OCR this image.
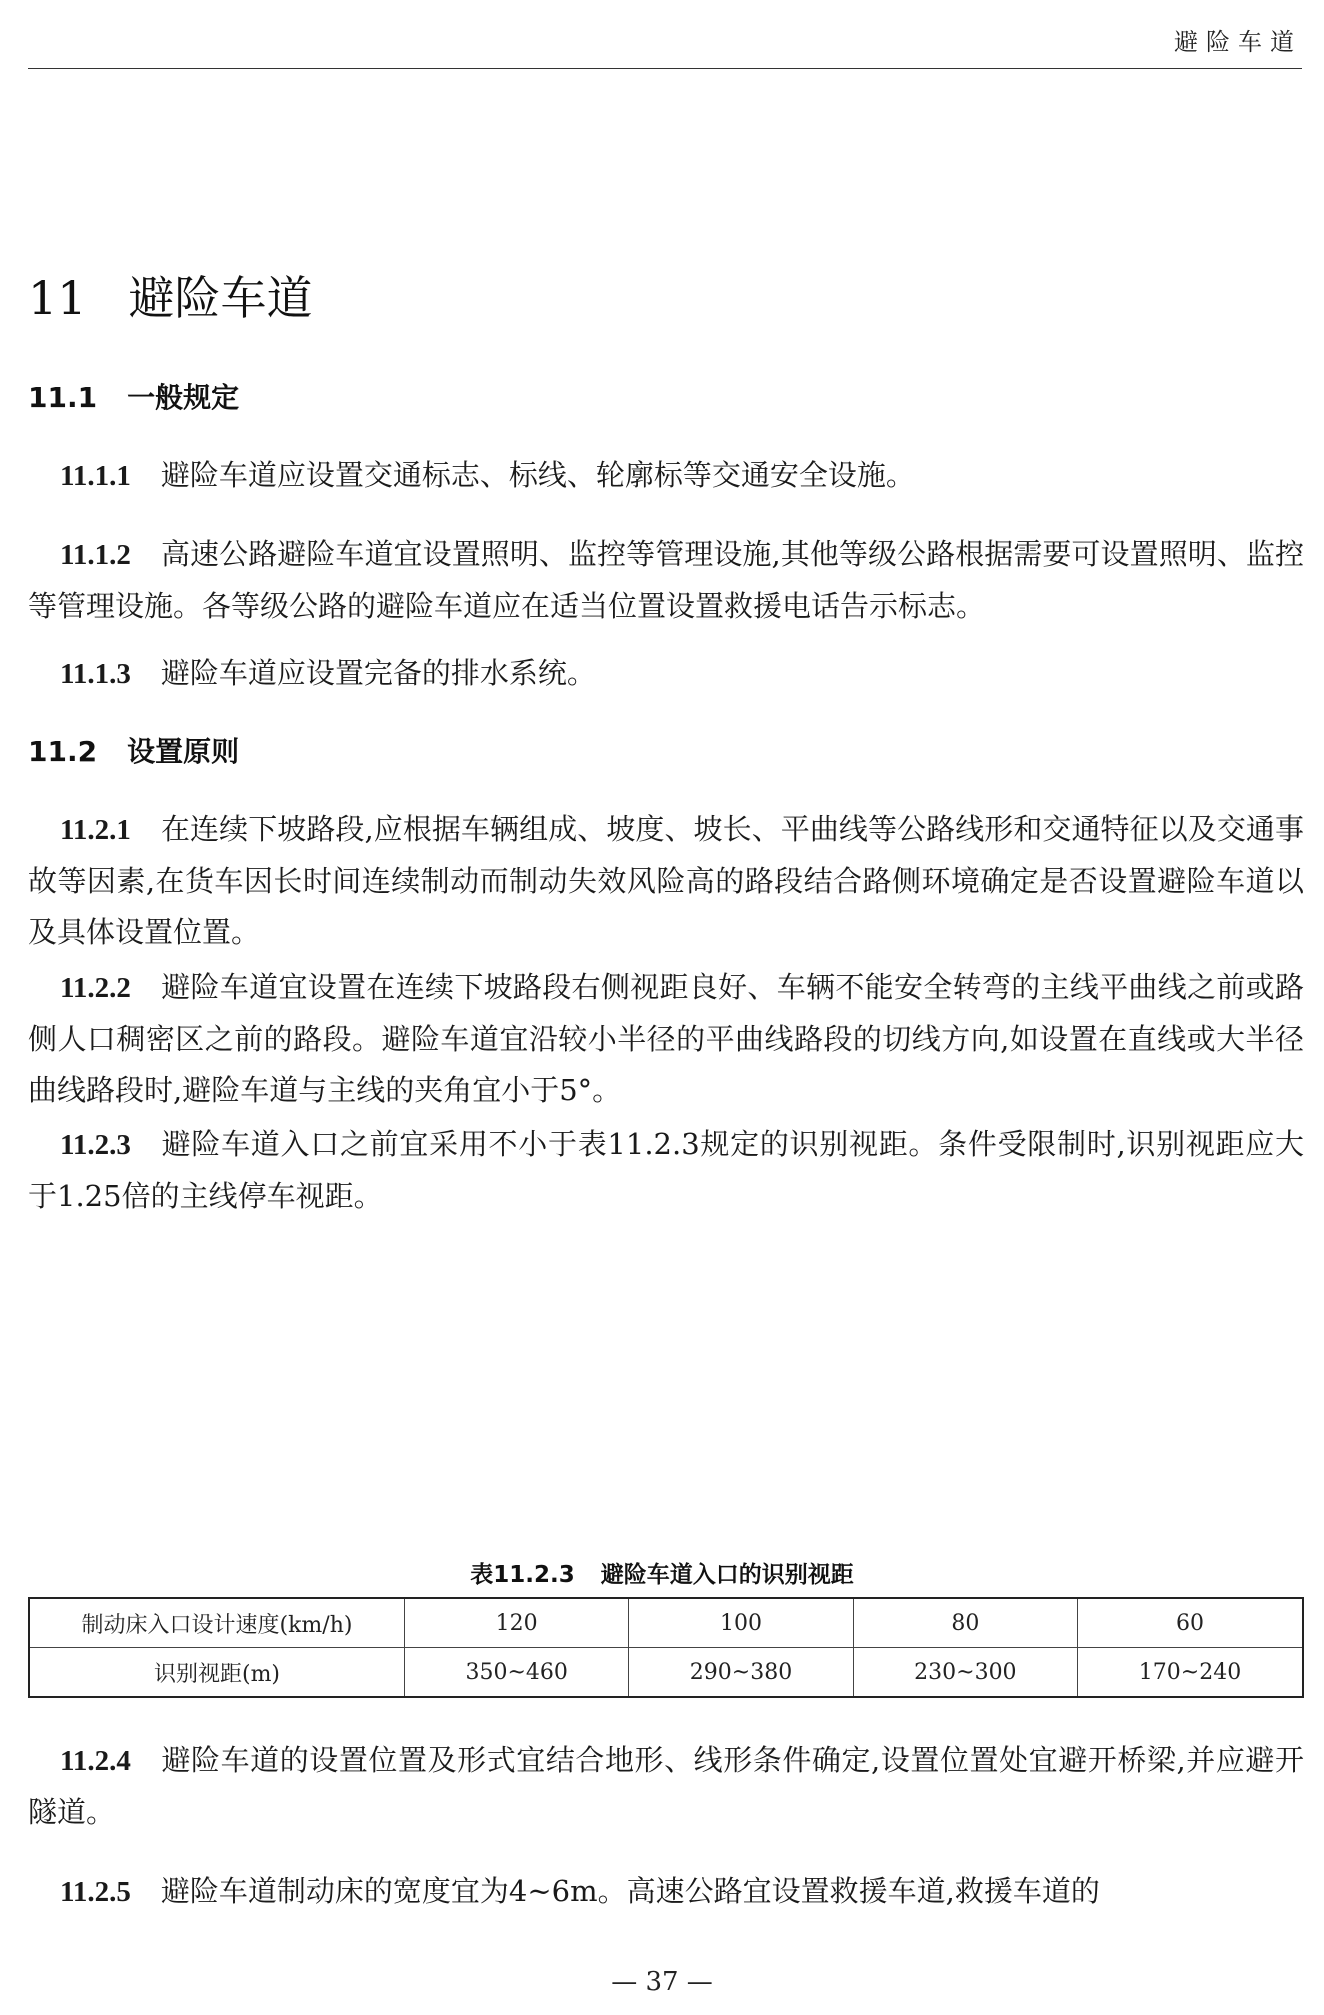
避险车道
11 避险车道
11.1 一般规定
11.1.1 避险车道应设置交通标志、标线、轮廓标等交通安全设施。
11.1.2 高速公路避险车道宜设置照明、监控等管理设施,其他等级公路根据需要可设置照明、监控等管理设施。各等级公路的避险车道应在适当位置设置救援电话告示标志。
11.1.3 避险车道应设置完备的排水系统。
11.2 设置原则
11.2.1 在连续下坡路段,应根据车辆组成、坡度、坡长、平曲线等公路线形和交通特征以及交通事故等因素,在货车因长时间连续制动而制动失效风险高的路段结合路侧环境确定是否设置避险车道以及具体设置位置。
11.2.2 避险车道宜设置在连续下坡路段右侧视距良好、车辆不能安全转弯的主线平曲线之前或路侧人口稠密区之前的路段。避险车道宜沿较小半径的平曲线路段的切线方向,如设置在直线或大半径曲线路段时,避险车道与主线的夹角宜小于5°。
11.2.3 避险车道入口之前宜采用不小于表11.2.3规定的识别视距。条件受限制时,识别视距应大于1.25倍的主线停车视距。
表11.2.3 避险车道入口的识别视距
制动床入口设计速度(km/h)	120	100	80	60
识别视距(m)	350~460	290~380	230~300	170~240
11.2.4 避险车道的设置位置及形式宜结合地形、线形条件确定,设置位置处宜避开桥梁,并应避开隧道。
11.2.5 避险车道制动床的宽度宜为4~6m。高速公路宜设置救援车道,救援车道的
— 37 —
